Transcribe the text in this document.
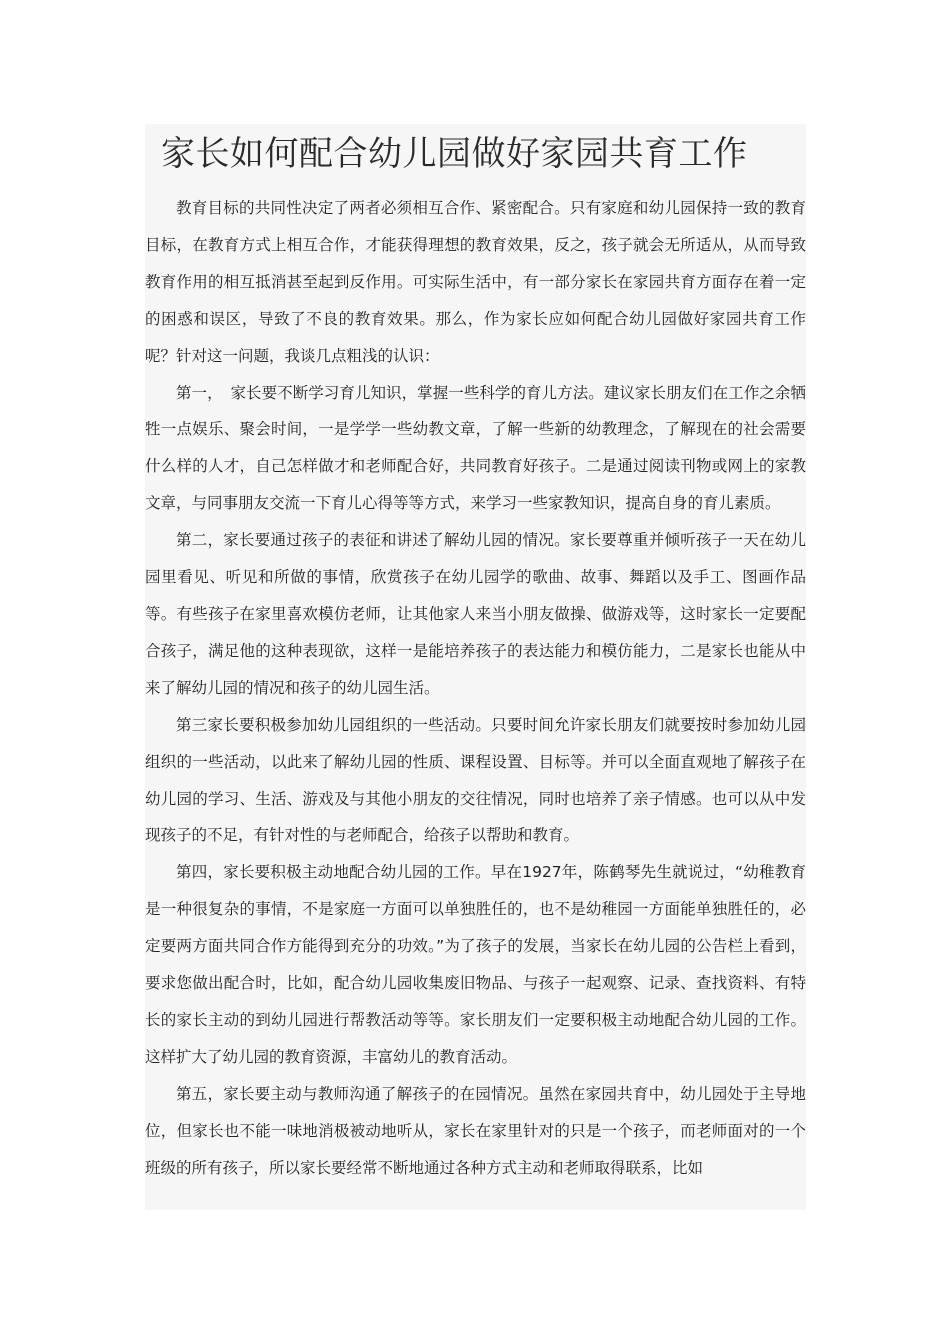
家长如何配合幼儿园做好家园共育工作

教育目标的共同性决定了两者必须相互合作、紧密配合。只有家庭和幼儿园保持一致的教育目标，在教育方式上相互合作，才能获得理想的教育效果，反之，孩子就会无所适从，从而导致教育作用的相互抵消甚至起到反作用。可实际生活中，有一部分家长在家园共育方面存在着一定的困惑和误区，导致了不良的教育效果。那么，作为家长应如何配合幼儿园做好家园共育工作呢？针对这一问题，我谈几点粗浅的认识：

第一，　家长要不断学习育儿知识，掌握一些科学的育儿方法。建议家长朋友们在工作之余牺牲一点娱乐、聚会时间，一是学学一些幼教文章，了解一些新的幼教理念，了解现在的社会需要什么样的人才，自己怎样做才和老师配合好，共同教育好孩子。二是通过阅读刊物或网上的家教文章，与同事朋友交流一下育儿心得等等方式，来学习一些家教知识，提高自身的育儿素质。

第二，家长要通过孩子的表征和讲述了解幼儿园的情况。家长要尊重并倾听孩子一天在幼儿园里看见、听见和所做的事情，欣赏孩子在幼儿园学的歌曲、故事、舞蹈以及手工、图画作品等。有些孩子在家里喜欢模仿老师，让其他家人来当小朋友做操、做游戏等，这时家长一定要配合孩子，满足他的这种表现欲，这样一是能培养孩子的表达能力和模仿能力，二是家长也能从中来了解幼儿园的情况和孩子的幼儿园生活。

第三家长要积极参加幼儿园组织的一些活动。只要时间允许家长朋友们就要按时参加幼儿园组织的一些活动，以此来了解幼儿园的性质、课程设置、目标等。并可以全面直观地了解孩子在幼儿园的学习、生活、游戏及与其他小朋友的交往情况，同时也培养了亲子情感。也可以从中发现孩子的不足，有针对性的与老师配合，给孩子以帮助和教育。

第四，家长要积极主动地配合幼儿园的工作。早在1927年，陈鹤琴先生就说过，“幼稚教育是一种很复杂的事情，不是家庭一方面可以单独胜任的，也不是幼稚园一方面能单独胜任的，必定要两方面共同合作方能得到充分的功效。”为了孩子的发展，当家长在幼儿园的公告栏上看到，要求您做出配合时，比如，配合幼儿园收集废旧物品、与孩子一起观察、记录、查找资料、有特长的家长主动的到幼儿园进行帮教活动等等。家长朋友们一定要积极主动地配合幼儿园的工作。这样扩大了幼儿园的教育资源，丰富幼儿的教育活动。

第五，家长要主动与教师沟通了解孩子的在园情况。虽然在家园共育中，幼儿园处于主导地位，但家长也不能一味地消极被动地听从，家长在家里针对的只是一个孩子，而老师面对的一个班级的所有孩子，所以家长要经常不断地通过各种方式主动和老师取得联系，比如
